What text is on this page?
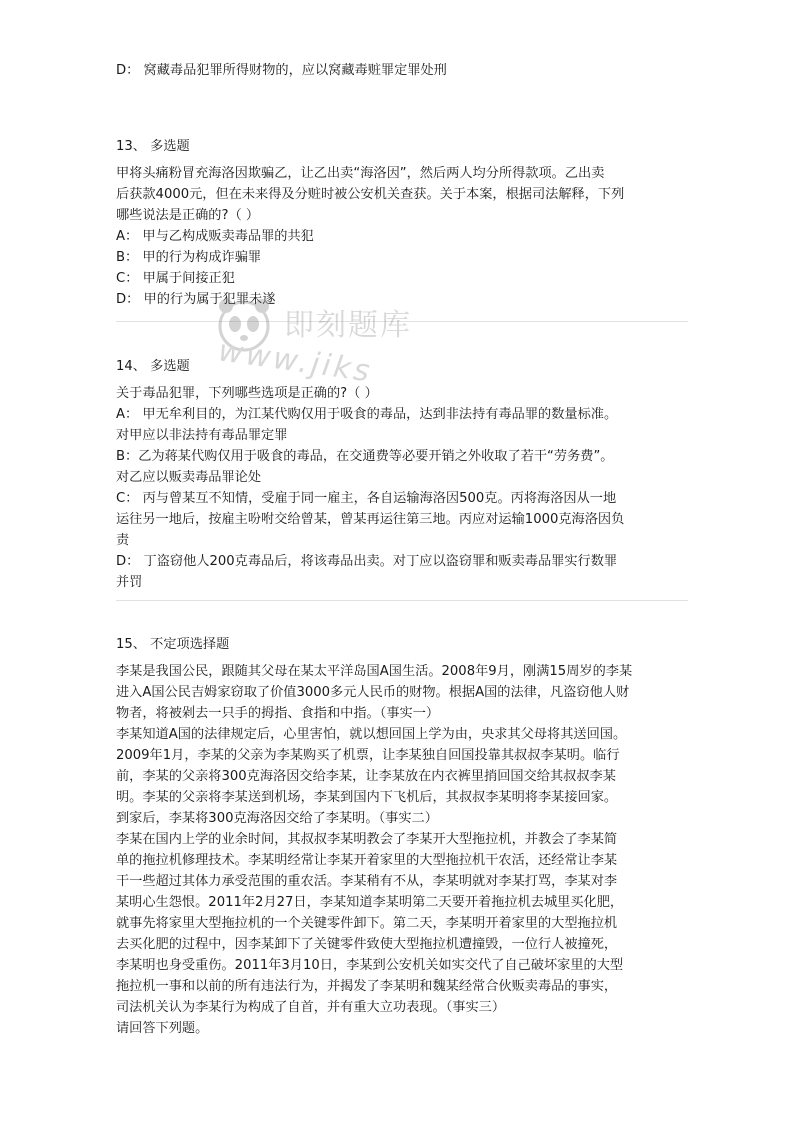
D： 窝藏毒品犯罪所得财物的，应以窝藏毒赃罪定罪处刑
13、 多选题
甲将头痛粉冒充海洛因欺骗乙，让乙出卖“海洛因”，然后两人均分所得款项。乙出卖
后获款4000元，但在未来得及分赃时被公安机关查获。关于本案，根据司法解释，下列
哪些说法是正确的?（ ）
A： 甲与乙构成贩卖毒品罪的共犯
B： 甲的行为构成诈骗罪
C： 甲属于间接正犯
D： 甲的行为属于犯罪未遂
14、 多选题
关于毒品犯罪，下列哪些选项是正确的?（ ）
A： 甲无牟利目的，为江某代购仅用于吸食的毒品，达到非法持有毒品罪的数量标准。
对甲应以非法持有毒品罪定罪
B：乙为蒋某代购仅用于吸食的毒品，在交通费等必要开销之外收取了若干“劳务费”。
对乙应以贩卖毒品罪论处
C： 丙与曾某互不知情，受雇于同一雇主，各自运输海洛因500克。丙将海洛因从一地
运往另一地后，按雇主吩咐交给曾某，曾某再运往第三地。丙应对运输1000克海洛因负
责
D： 丁盗窃他人200克毒品后，将该毒品出卖。对丁应以盗窃罪和贩卖毒品罪实行数罪
并罚
15、 不定项选择题
李某是我国公民，跟随其父母在某太平洋岛国A国生活。2008年9月，刚满15周岁的李某
进入A国公民吉姆家窃取了价值3000多元人民币的财物。根据A国的法律，凡盗窃他人财
物者，将被剁去一只手的拇指、食指和中指。（事实一）
李某知道A国的法律规定后，心里害怕，就以想回国上学为由，央求其父母将其送回国。
2009年1月，李某的父亲为李某购买了机票，让李某独自回国投靠其叔叔李某明。临行
前，李某的父亲将300克海洛因交给李某，让李某放在内衣裤里捎回国交给其叔叔李某
明。李某的父亲将李某送到机场，李某到国内下飞机后，其叔叔李某明将李某接回家。
到家后，李某将300克海洛因交给了李某明。（事实二）
李某在国内上学的业余时间，其叔叔李某明教会了李某开大型拖拉机，并教会了李某简
单的拖拉机修理技术。李某明经常让李某开着家里的大型拖拉机干农活，还经常让李某
干一些超过其体力承受范围的重农活。李某稍有不从，李某明就对李某打骂，李某对李
某明心生怨恨。2011年2月27日，李某知道李某明第二天要开着拖拉机去城里买化肥，
就事先将家里大型拖拉机的一个关键零件卸下。第二天，李某明开着家里的大型拖拉机
去买化肥的过程中，因李某卸下了关键零件致使大型拖拉机遭撞毁，一位行人被撞死，
李某明也身受重伤。2011年3月10日，李某到公安机关如实交代了自己破坏家里的大型
拖拉机一事和以前的所有违法行为，并揭发了李某明和魏某经常合伙贩卖毒品的事实，
司法机关认为李某行为构成了自首，并有重大立功表现。（事实三）
请回答下列题。
即刻题库
www.jiks
